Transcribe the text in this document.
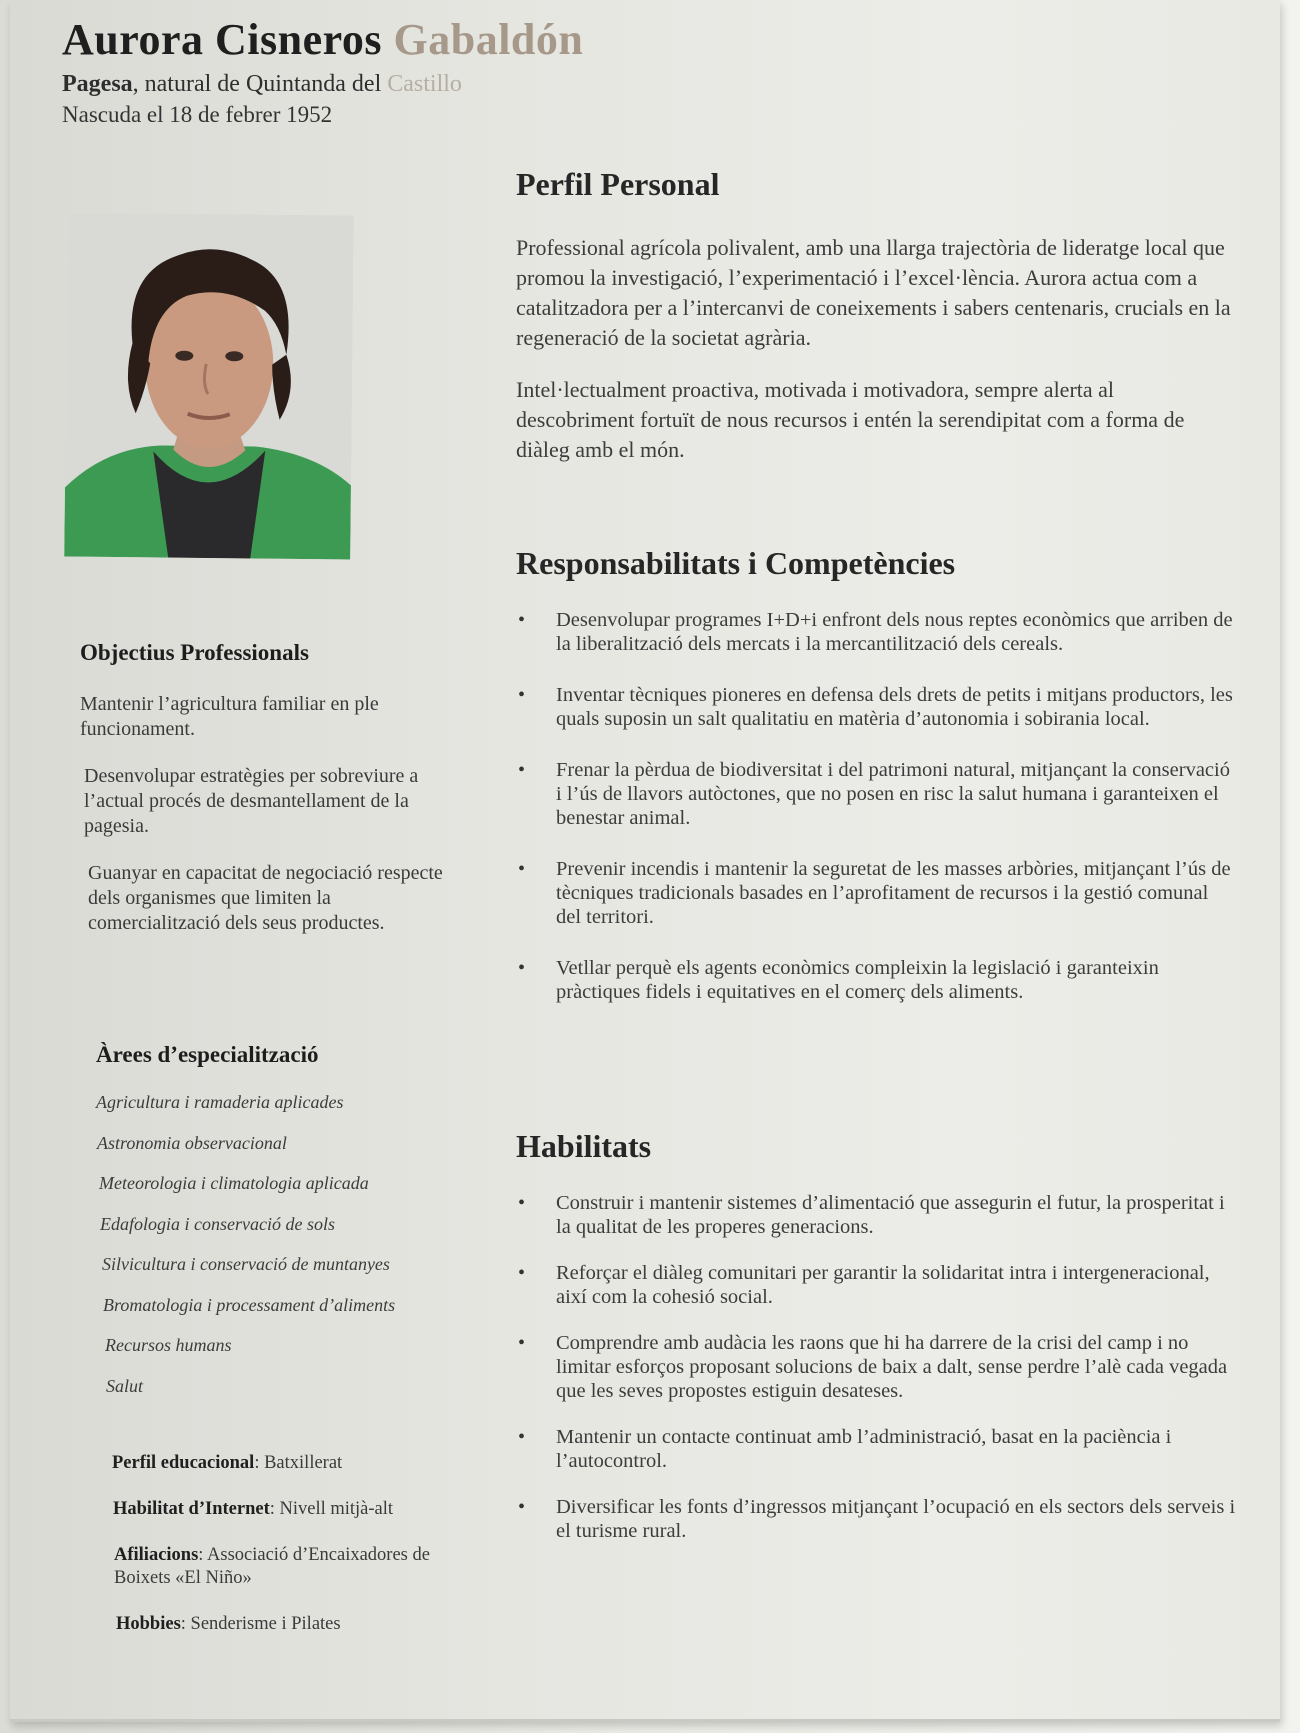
Aurora Cisneros Gabaldón
Pagesa, natural de Quintanda del Castillo
Nascuda el 18 de febrer 1952
Objectius Professionals
Mantenir l’agricultura familiar en ple funcionament.
Desenvolupar estratègies per sobreviure a l’actual procés de desmantellament de la pagesia.
Guanyar en capacitat de negociació respecte dels organismes que limiten la comercialització dels seus productes.
Àrees d’especialització
Agricultura i ramaderia aplicades
Astronomia observacional
Meteorologia i climatologia aplicada
Edafologia i conservació de sols
Silvicultura i conservació de muntanyes
Bromatologia i processament d’aliments
Recursos humans
Salut
Perfil educacional: Batxillerat
Habilitat d’Internet: Nivell mitjà-alt
Afiliacions: Associació d’Encaixadores de Boixets «El Niño»
Hobbies: Senderisme i Pilates
Perfil Personal

Professional agrícola polivalent, amb una llarga trajectòria de lideratge local que promou la investigació, l’experimentació i l’excel·lència. Aurora actua com a catalitzadora per a l’intercanvi de coneixements i sabers centenaris, crucials en la regeneració de la societat agrària.

Intel·lectualment proactiva, motivada i motivadora, sempre alerta al descobriment fortuït de nous recursos i entén la serendipitat com a forma de diàleg amb el món.

Responsabilitats i Competències
• Desenvolupar programes I+D+i enfront dels nous reptes econòmics que arriben de la liberalització dels mercats i la mercantilització dels cereals.
• Inventar tècniques pioneres en defensa dels drets de petits i mitjans productors, les quals suposin un salt qualitatiu en matèria d’autonomia i sobirania local.
• Frenar la pèrdua de biodiversitat i del patrimoni natural, mitjançant la conservació i l’ús de llavors autòctones, que no posen en risc la salut humana i garanteixen el benestar animal.
• Prevenir incendis i mantenir la seguretat de les masses arbòries, mitjançant l’ús de tècniques tradicionals basades en l’aprofitament de recursos i la gestió comunal del territori.
• Vetllar perquè els agents econòmics compleixin la legislació i garanteixin pràctiques fidels i equitatives en el comerç dels aliments.
Habilitats
• Construir i mantenir sistemes d’alimentació que assegurin el futur, la prosperitat i la qualitat de les properes generacions.
• Reforçar el diàleg comunitari per garantir la solidaritat intra i intergeneracional, així com la cohesió social.
• Comprendre amb audàcia les raons que hi ha darrere de la crisi del camp i no limitar esforços proposant solucions de baix a dalt, sense perdre l’alè cada vegada que les seves propostes estiguin desateses.
• Mantenir un contacte continuat amb l’administració, basat en la paciència i l’autocontrol.
• Diversificar les fonts d’ingressos mitjançant l’ocupació en els sectors dels serveis i el turisme rural.
